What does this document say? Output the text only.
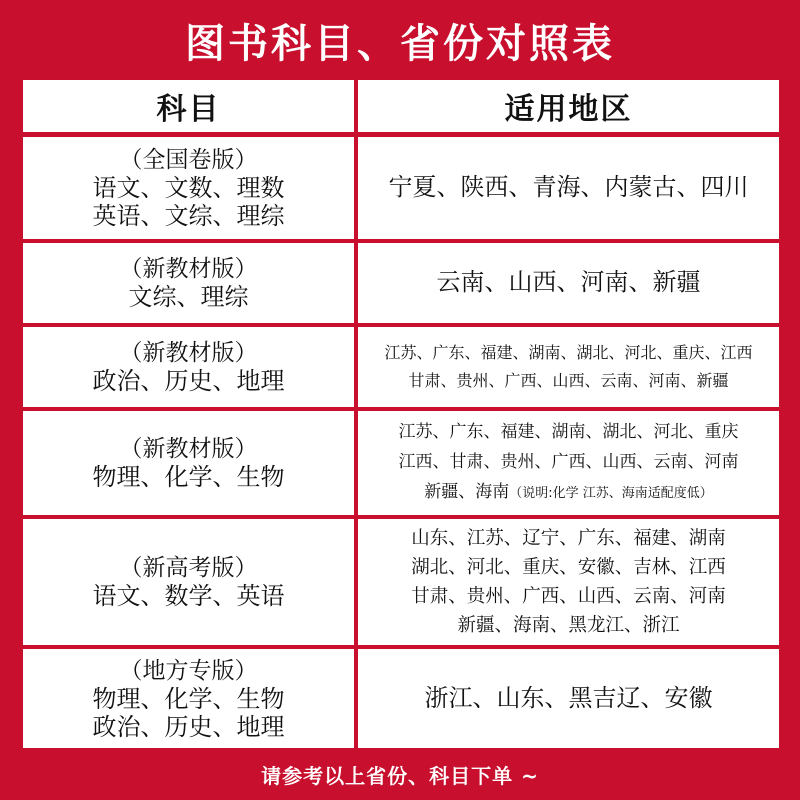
图书科目、省份对照表
科目	适用地区
（全国卷版）
语文、文数、理数
英语、文综、理综
宁夏、陕西、青海、内蒙古、四川
（新教材版）
文综、理综
云南、山西、河南、新疆
（新教材版）
政治、历史、地理
江苏、广东、福建、湖南、湖北、河北、重庆、江西
甘肃、贵州、广西、山西、云南、河南、新疆
（新教材版）
物理、化学、生物
江苏、广东、福建、湖南、湖北、河北、重庆
江西、甘肃、贵州、广西、山西、云南、河南
新疆、海南（说明:化学 江苏、海南适配度低）
（新高考版）
语文、数学、英语
山东、江苏、辽宁、广东、福建、湖南
湖北、河北、重庆、安徽、吉林、江西
甘肃、贵州、广西、山西、云南、河南
新疆、海南、黑龙江、浙江
（地方专版）
物理、化学、生物
政治、历史、地理
浙江、山东、黑吉辽、安徽
请参考以上省份、科目下单 ~
